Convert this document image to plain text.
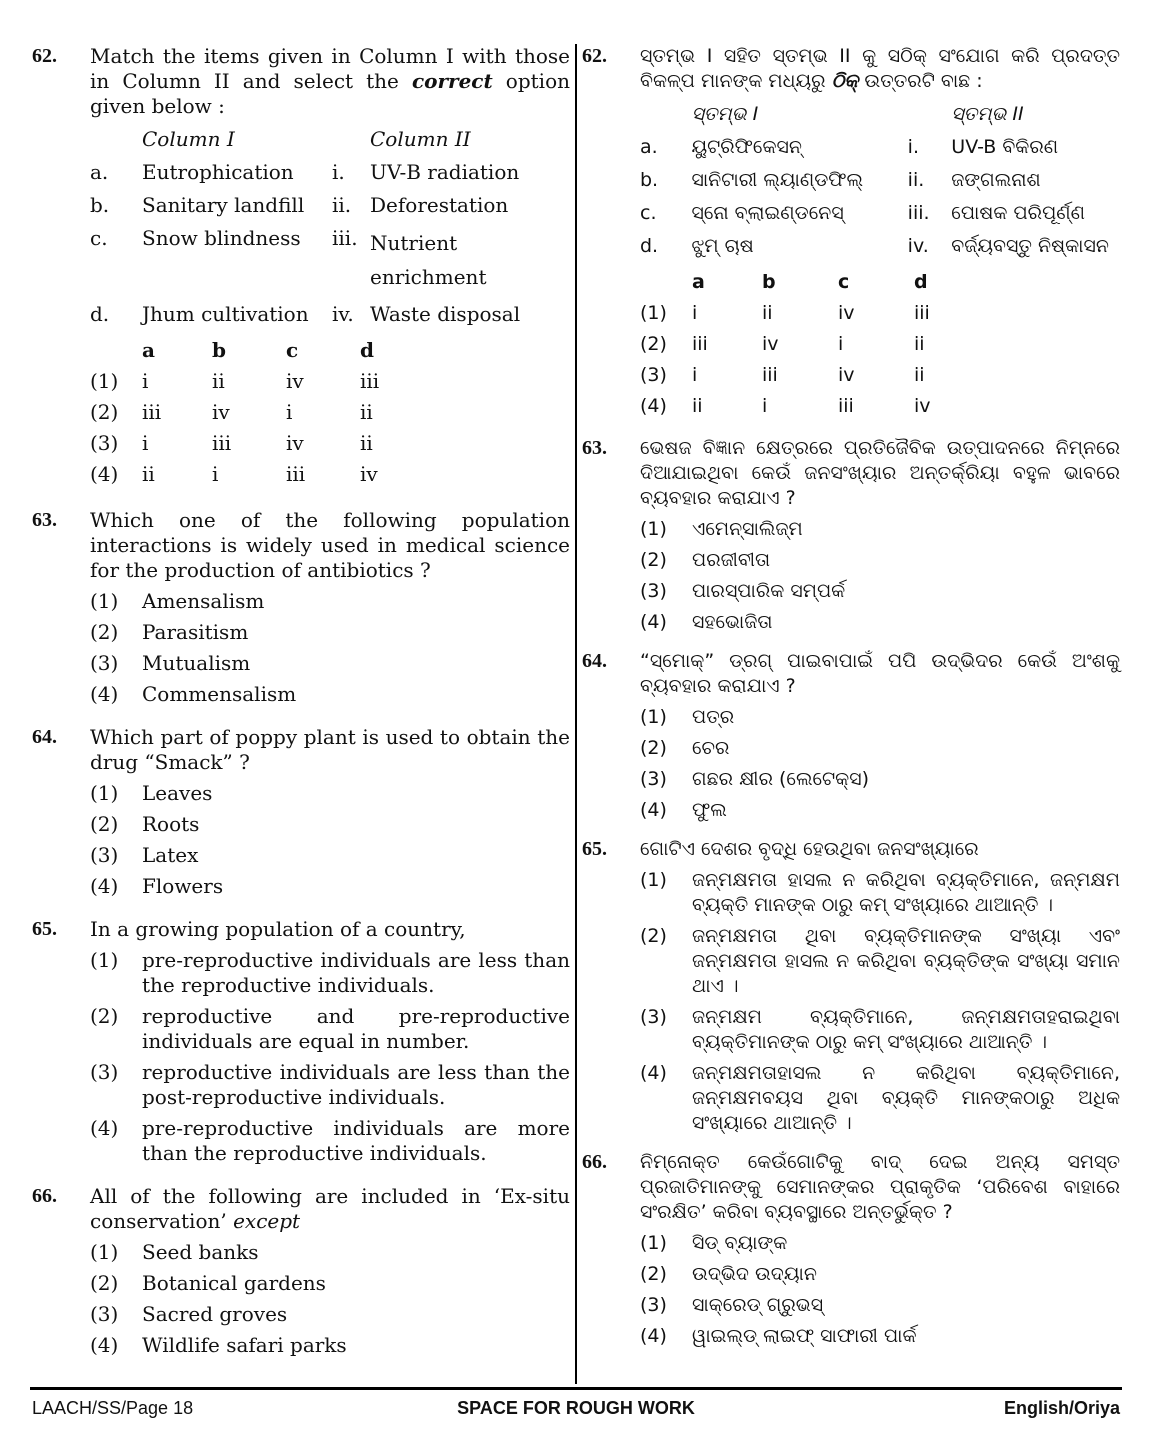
62. Match the items given in Column I with those in Column II and select the correct option given below :
	Column I		Column II
a.	Eutrophication	i.	UV-B radiation
b.	Sanitary landfill	ii.	Deforestation
c.	Snow blindness	iii.	Nutrient enrichment
d.	Jhum cultivation	iv.	Waste disposal
	a	b	c	d
(1)	i	ii	iv	iii
(2)	iii	iv	i	ii
(3)	i	iii	iv	ii
(4)	ii	i	iii	iv
63. Which one of the following population interactions is widely used in medical science for the production of antibiotics ?
(1) Amensalism
(2) Parasitism
(3) Mutualism
(4) Commensalism
64. Which part of poppy plant is used to obtain the drug “Smack” ?
(1) Leaves
(2) Roots
(3) Latex
(4) Flowers
65. In a growing population of a country,
(1) pre-reproductive individuals are less than the reproductive individuals.
(2) reproductive and pre-reproductive individuals are equal in number.
(3) reproductive individuals are less than the post-reproductive individuals.
(4) pre-reproductive individuals are more than the reproductive individuals.
66. All of the following are included in ‘Ex-situ conservation’ except
(1) Seed banks
(2) Botanical gardens
(3) Sacred groves
(4) Wildlife safari parks
62. ସ୍ତମ୍ଭ I ସହିତ ସ୍ତମ୍ଭ II କୁ ସଠିକ୍ ସଂଯୋଗ କରି ପ୍ରଦତ୍ତ ବିକଳ୍ପ ମାନଙ୍କ ମଧ୍ୟରୁ ଠିକ୍ ଉତ୍ତରଟି ବାଛ :
	ସ୍ତମ୍ଭ I		ସ୍ତମ୍ଭ II
a.	ୟୁଟ୍ରିଫିକେସନ୍	i.	UV-B ବିକିରଣ
b.	ସାନିଟାରୀ ଲ୍ୟାଣ୍ଡଫିଲ୍	ii.	ଜଙ୍ଗଲନାଶ
c.	ସ୍ନୋ ବ୍ଲାଇଣ୍ଡନେସ୍	iii.	ପୋଷକ ପରିପୂର୍ଣ୍ଣ
d.	ଝୁମ୍ ଚାଷ	iv.	ବର୍ଜ୍ୟବସ୍ତୁ ନିଷ୍କାସନ
	a	b	c	d
(1)	i	ii	iv	iii
(2)	iii	iv	i	ii
(3)	i	iii	iv	ii
(4)	ii	i	iii	iv
63. ଭେଷଜ ବିଜ୍ଞାନ କ୍ଷେତ୍ରରେ ପ୍ରତିଜୈବିକ ଉତ୍ପାଦନରେ ନିମ୍ନରେ ଦିଆଯାଇଥିବା କେଉଁ ଜନସଂଖ୍ୟାର ଅନ୍ତର୍କ୍ରିୟା ବହୁଳ ଭାବରେ ବ୍ୟବହାର କରାଯାଏ ?
(1) ଏମେନ୍ସାଲିଜ୍ମ
(2) ପରଜୀବୀତା
(3) ପାରସ୍ପାରିକ ସମ୍ପର୍କ
(4) ସହଭୋଜିତା
64. “ସ୍ମୋକ୍” ଡ୍ରଗ୍ ପାଇବାପାଇଁ ପପି ଉଦ୍ଭିଦର କେଉଁ ଅଂଶକୁ ବ୍ୟବହାର କରାଯାଏ ?
(1) ପତ୍ର
(2) ଚେର
(3) ଗଛର କ୍ଷୀର (ଲେଟେକ୍ସ)
(4) ଫୁଲ
65. ଗୋଟିଏ ଦେଶର ବୃଦ୍ଧି ହେଉଥିବା ଜନସଂଖ୍ୟାରେ
(1) ଜନ୍ମକ୍ଷମତା ହାସଲ ନ କରିଥିବା ବ୍ୟକ୍ତିମାନେ, ଜନ୍ମକ୍ଷମ ବ୍ୟକ୍ତି ମାନଙ୍କ ଠାରୁ କମ୍ ସଂଖ୍ୟାରେ ଥାଆନ୍ତି ।
(2) ଜନ୍ମକ୍ଷମତା ଥିବା ବ୍ୟକ୍ତିମାନଙ୍କ ସଂଖ୍ୟା ଏବଂ ଜନ୍ମକ୍ଷମତା ହାସଲ ନ କରିଥିବା ବ୍ୟକ୍ତିଙ୍କ ସଂଖ୍ୟା ସମାନ ଥାଏ ।
(3) ଜନ୍ମକ୍ଷମ ବ୍ୟକ୍ତିମାନେ, ଜନ୍ମକ୍ଷମତାହରାଇଥିବା ବ୍ୟକ୍ତିମାନଙ୍କ ଠାରୁ କମ୍ ସଂଖ୍ୟାରେ ଥାଆନ୍ତି ।
(4) ଜନ୍ମକ୍ଷମତାହାସଲ ନ କରିଥିବା ବ୍ୟକ୍ତିମାନେ, ଜନ୍ମକ୍ଷମବୟସ ଥିବା ବ୍ୟକ୍ତି ମାନଙ୍କଠାରୁ ଅଧିକ ସଂଖ୍ୟାରେ ଥାଆନ୍ତି ।
66. ନିମ୍ନୋକ୍ତ କେଉଁଗୋଟିକୁ ବାଦ୍ ଦେଇ ଅନ୍ୟ ସମସ୍ତ ପ୍ରଜାତିମାନଙ୍କୁ ସେମାନଙ୍କର ପ୍ରାକୃତିକ ‘ପରିବେଶ ବାହାରେ ସଂରକ୍ଷିତ’ କରିବା ବ୍ୟବସ୍ଥାରେ ଅନ୍ତର୍ଭୁକ୍ତ ?
(1) ସିଡ୍ ବ୍ୟାଙ୍କ
(2) ଉଦ୍ଭିଦ ଉଦ୍ୟାନ
(3) ସାକ୍ରେଡ୍ ଗ୍ରୁଭସ୍
(4) ୱାଇଲ୍ଡ୍ ଲାଇଫ୍ ସାଫାରୀ ପାର୍କ
LAACH/SS/Page 18	SPACE FOR ROUGH WORK	English/Oriya
